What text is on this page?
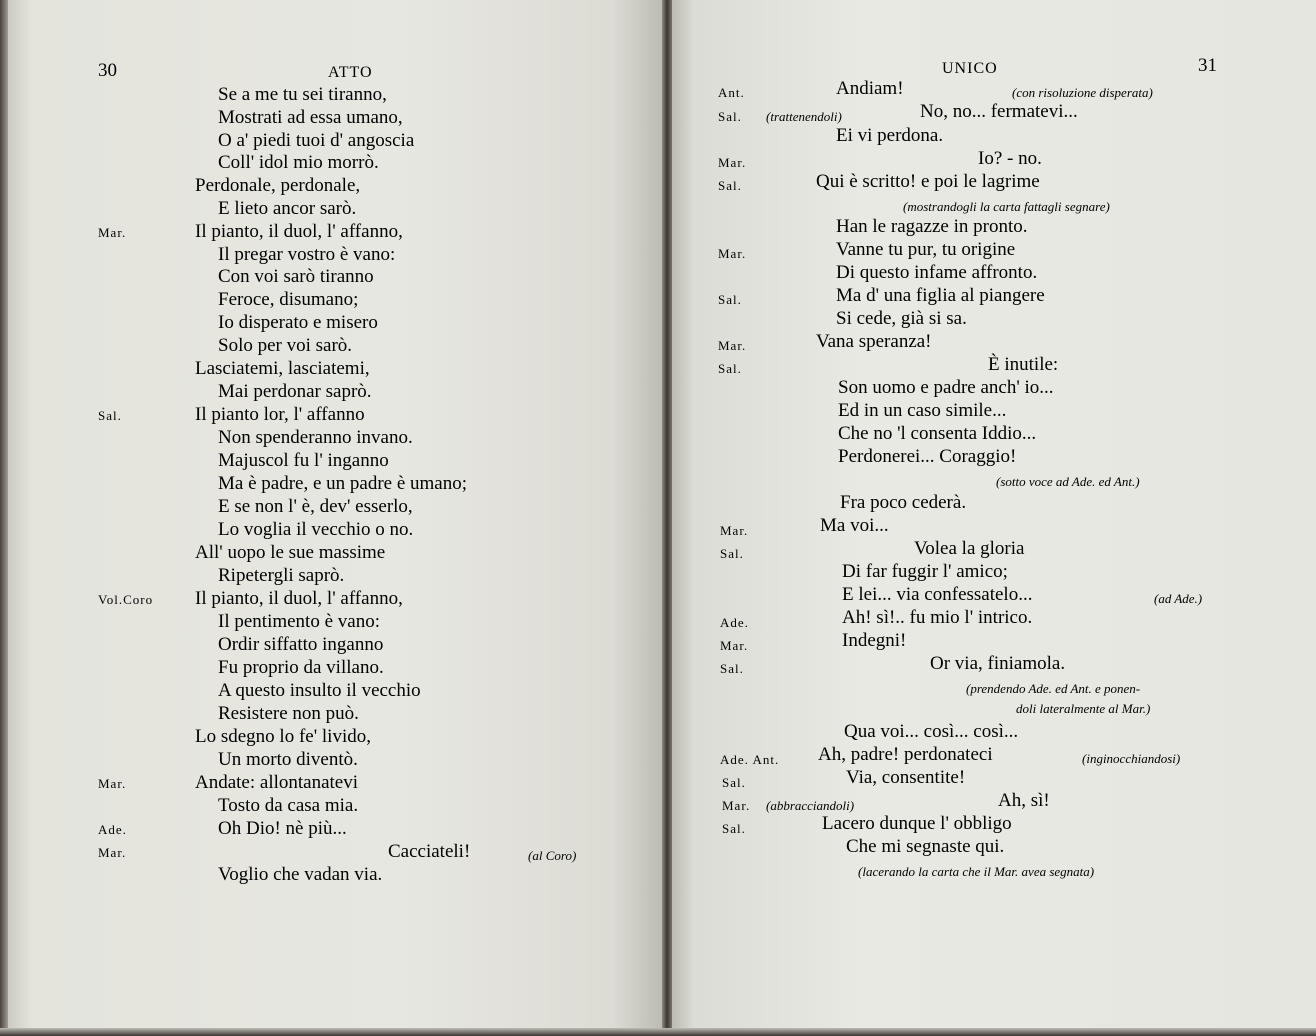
30	ATTO
Se a me tu sei tiranno,
Mostrati ad essa umano,
O a' piedi tuoi d' angoscia
Coll' idol mio morrò.
Perdonale, perdonale,
E lieto ancor sarò.
Mar.	Il pianto, il duol, l' affanno,
Il pregar vostro è vano:
Con voi sarò tiranno
Feroce, disumano;
Io disperato e misero
Solo per voi sarò.
Lasciatemi, lasciatemi,
Mai perdonar saprò.
Sal.	Il pianto lor, l' affanno
Non spenderanno invano.
Majuscol fu l' inganno
Ma è padre, e un padre è umano;
E se non l' è, dev' esserlo,
Lo voglia il vecchio o no.
All' uopo le sue massime
Ripetergli saprò.
Vol.Coro Il pianto, il duol, l' affanno,
Il pentimento è vano:
Ordir siffatto inganno
Fu proprio da villano.
A questo insulto il vecchio
Resistere non può.
Lo sdegno lo fe' livido,
Un morto diventò.
Mar.	Andate: allontanatevi
Tosto da casa mia.
Ade.	Oh Dio! nè più...
Mar.	Cacciateli!	(al Coro)
Voglio che vadan via.
UNICO	31
Ant.	Andiam!	(con risoluzione disperata)
Sal. (trattenendoli)	No, no... fermatevi...
Ei vi perdona.
Mar.	Io? - no.
Sal.	Qui è scritto! e poi le lagrime
(mostrandogli la carta fattagli segnare)
Han le ragazze in pronto.
Mar.	Vanne tu pur, tu origine
Di questo infame affronto.
Sal.	Ma d' una figlia al piangere
Si cede, già si sa.
Mar.	Vana speranza!
Sal.	È inutile:
Son uomo e padre anch' io...
Ed in un caso simile...
Che no 'l consenta Iddio...
Perdonerei... Coraggio!
(sotto voce ad Ade. ed Ant.)
Fra poco cederà.
Mar.	Ma voi...
Sal.	Volea la gloria
Di far fuggir l' amico;
E lei... via confessatelo...	(ad Ade.)
Ade.	Ah! sì!.. fu mio l' intrico.
Mar.	Indegni!
Sal.	Or via, finiamola.
(prendendo Ade. ed Ant. e ponen-
doli lateralmente al Mar.)
Qua voi... così... così...
Ade. Ant. Ah, padre! perdonateci	(inginocchiandosi)
Sal.	Via, consentite!
Mar. (abbracciandoli)	Ah, sì!
Sal.	Lacero dunque l' obbligo
Che mi segnaste qui.
(lacerando la carta che il Mar. avea segnata)
